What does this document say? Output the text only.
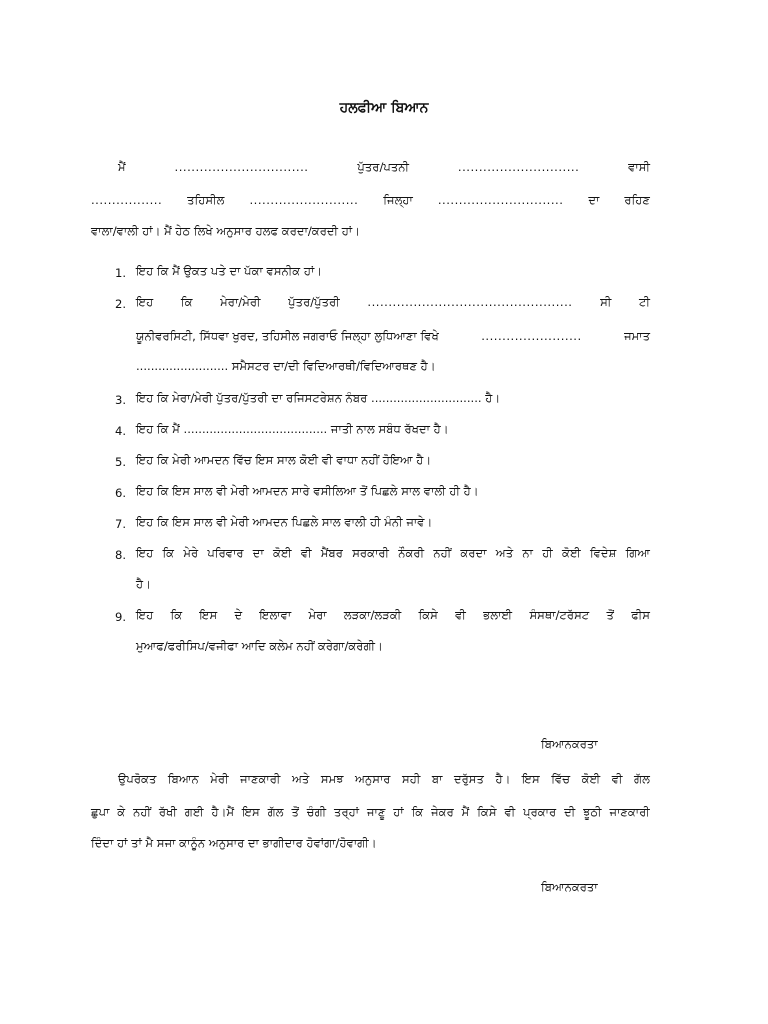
ਹਲਫੀਆ ਬਿਆਨ
ਮੈਂ	................................	ਪੁੱਤਰ/ਪਤਨੀ	.............................	ਵਾਸੀ
................. ਤਹਿਸੀਲ .......................... ਜਿਲ੍ਹਾ .............................. ਦਾ ਰਹਿਣ
ਵਾਲਾ/ਵਾਲੀ ਹਾਂ। ਮੈਂ ਹੇਠ ਲਿਖੇ ਅਨੁਸਾਰ ਹਲਫ ਕਰਦਾ/ਕਰਦੀ ਹਾਂ।
1. ਇਹ ਕਿ ਮੈਂ ਉਕਤ ਪਤੇ ਦਾ ਪੱਕਾ ਵਸਨੀਕ ਹਾਂ।
2. ਇਹ ਕਿ ਮੇਰਾ/ਮੇਰੀ ਪੁੱਤਰ/ਪੁੱਤਰੀ ................................................. ਸੀ ਟੀ
ਯੂਨੀਵਰਸਿਟੀ, ਸਿੱਧਵਾ ਖੁਰਦ, ਤਹਿਸੀਲ ਜਗਰਾਓ ਜਿਲ੍ਹਾ ਲੁਧਿਆਣਾ ਵਿਖੇ	........................	ਜਮਾਤ
......................... ਸਮੈਸਟਰ ਦਾ/ਦੀ ਵਿਦਿਆਰਥੀ/ਵਿਦਿਆਰਥਣ ਹੈ।
3. ਇਹ ਕਿ ਮੇਰਾ/ਮੇਰੀ ਪੁੱਤਰ/ਪੁੱਤਰੀ ਦਾ ਰਜਿਸਟਰੇਸ਼ਨ ਨੰਬਰ .............................. ਹੈ।
4. ਇਹ ਕਿ ਮੈਂ ....................................... ਜਾਤੀ ਨਾਲ ਸਬੰਧ ਰੱਖਦਾ ਹੈ।
5. ਇਹ ਕਿ ਮੇਰੀ ਆਮਦਨ ਵਿੱਚ ਇਸ ਸਾਲ ਕੋਈ ਵੀ ਵਾਧਾ ਨਹੀਂ ਹੋਇਆ ਹੈ।
6. ਇਹ ਕਿ ਇਸ ਸਾਲ ਵੀ ਮੇਰੀ ਆਮਦਨ ਸਾਰੇ ਵਸੀਲਿਆ ਤੋਂ ਪਿਛਲੇ ਸਾਲ ਵਾਲੀ ਹੀ ਹੈ।
7. ਇਹ ਕਿ ਇਸ ਸਾਲ ਵੀ ਮੇਰੀ ਆਮਦਨ ਪਿਛਲੇ ਸਾਲ ਵਾਲੀ ਹੀ ਮੰਨੀ ਜਾਵੇ।
8. ਇਹ ਕਿ ਮੇਰੇ ਪਰਿਵਾਰ ਦਾ ਕੋਈ ਵੀ ਮੈਂਬਰ ਸਰਕਾਰੀ ਨੌਕਰੀ ਨਹੀਂ ਕਰਦਾ ਅਤੇ ਨਾ ਹੀ ਕੋਈ ਵਿਦੇਸ਼ ਗਿਆ
ਹੈ।
9. ਇਹ ਕਿ ਇਸ ਦੇ ਇਲਾਵਾ ਮੇਰਾ ਲੜਕਾ/ਲੜਕੀ ਕਿਸੇ ਵੀ ਭਲਾਈ ਸੰਸਥਾ/ਟਰੱਸਟ ਤੋਂ ਫੀਸ
ਮੁਆਫ/ਫਰੀਸਿਪ/ਵਜੀਫਾ ਆਦਿ ਕਲੇਮ ਨਹੀਂ ਕਰੇਗਾ/ਕਰੇਗੀ।
ਬਿਆਨਕਰਤਾ
ਉਪਰੋਕਤ ਬਿਆਨ ਮੇਰੀ ਜਾਣਕਾਰੀ ਅਤੇ ਸਮਝ ਅਨੁਸਾਰ ਸਹੀ ਬਾ ਦਰੁੱਸਤ ਹੈ। ਇਸ ਵਿੱਚ ਕੋਈ ਵੀ ਗੱਲ
ਛੁਪਾ ਕੇ ਨਹੀਂ ਰੱਖੀ ਗਈ ਹੈ।ਮੈਂ ਇਸ ਗੱਲ ਤੋਂ ਚੰਗੀ ਤਰ੍ਹਾਂ ਜਾਣੂ ਹਾਂ ਕਿ ਜੇਕਰ ਮੈਂ ਕਿਸੇ ਵੀ ਪ੍ਰਕਾਰ ਦੀ ਝੂਠੀ ਜਾਣਕਾਰੀ
ਦਿੰਦਾ ਹਾਂ ਤਾਂ ਮੈ ਸਜਾ ਕਾਨੂੰਨ ਅਨੁਸਾਰ ਦਾ ਭਾਗੀਦਾਰ ਹੋਵਾਂਗਾ/ਹੋਵਾਗੀ।
ਬਿਆਨਕਰਤਾ
